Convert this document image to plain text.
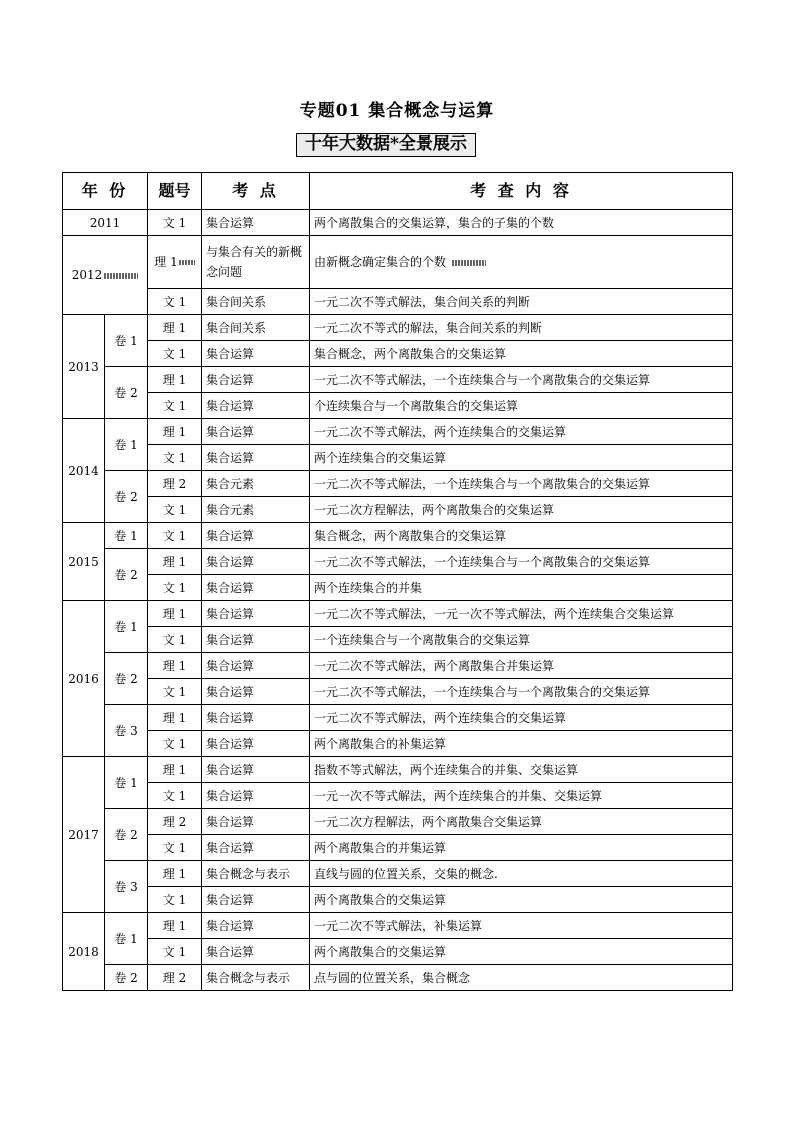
专题01 集合概念与运算
十年大数据*全景展示
年 份		题号	考 点	考 查 内 容
2011		文 1	集合运算	两个离散集合的交集运算，集合的子集的个数
2012		理 1	与集合有关的新概念问题	由新概念确定集合的个数
		文 1	集合间关系	一元二次不等式解法，集合间关系的判断
2013	卷 1	理 1	集合间关系	一元二次不等式的解法，集合间关系的判断
		文 1	集合运算	集合概念，两个离散集合的交集运算
	卷 2	理 1	集合运算	一元二次不等式解法，一个连续集合与一个离散集合的交集运算
		文 1	集合运算	个连续集合与一个离散集合的交集运算
2014	卷 1	理 1	集合运算	一元二次不等式解法，两个连续集合的交集运算
		文 1	集合运算	两个连续集合的交集运算
	卷 2	理 2	集合元素	一元二次不等式解法，一个连续集合与一个离散集合的交集运算
		文 1	集合元素	一元二次方程解法，两个离散集合的交集运算
2015	卷 1	文 1	集合运算	集合概念，两个离散集合的交集运算
	卷 2	理 1	集合运算	一元二次不等式解法，一个连续集合与一个离散集合的交集运算
		文 1	集合运算	两个连续集合的并集
2016	卷 1	理 1	集合运算	一元二次不等式解法，一元一次不等式解法，两个连续集合交集运算
		文 1	集合运算	一个连续集合与一个离散集合的交集运算
	卷 2	理 1	集合运算	一元二次不等式解法，两个离散集合并集运算
		文 1	集合运算	一元二次不等式解法，一个连续集合与一个离散集合的交集运算
	卷 3	理 1	集合运算	一元二次不等式解法，两个连续集合的交集运算
		文 1	集合运算	两个离散集合的补集运算
2017	卷 1	理 1	集合运算	指数不等式解法，两个连续集合的并集、交集运算
		文 1	集合运算	一元一次不等式解法，两个连续集合的并集、交集运算
	卷 2	理 2	集合运算	一元二次方程解法，两个离散集合交集运算
		文 1	集合运算	两个离散集合的并集运算
	卷 3	理 1	集合概念与表示	直线与圆的位置关系，交集的概念.
		文 1	集合运算	两个离散集合的交集运算
2018	卷 1	理 1	集合运算	一元二次不等式解法，补集运算
		文 1	集合运算	两个离散集合的交集运算
	卷 2	理 2	集合概念与表示	点与圆的位置关系，集合概念
